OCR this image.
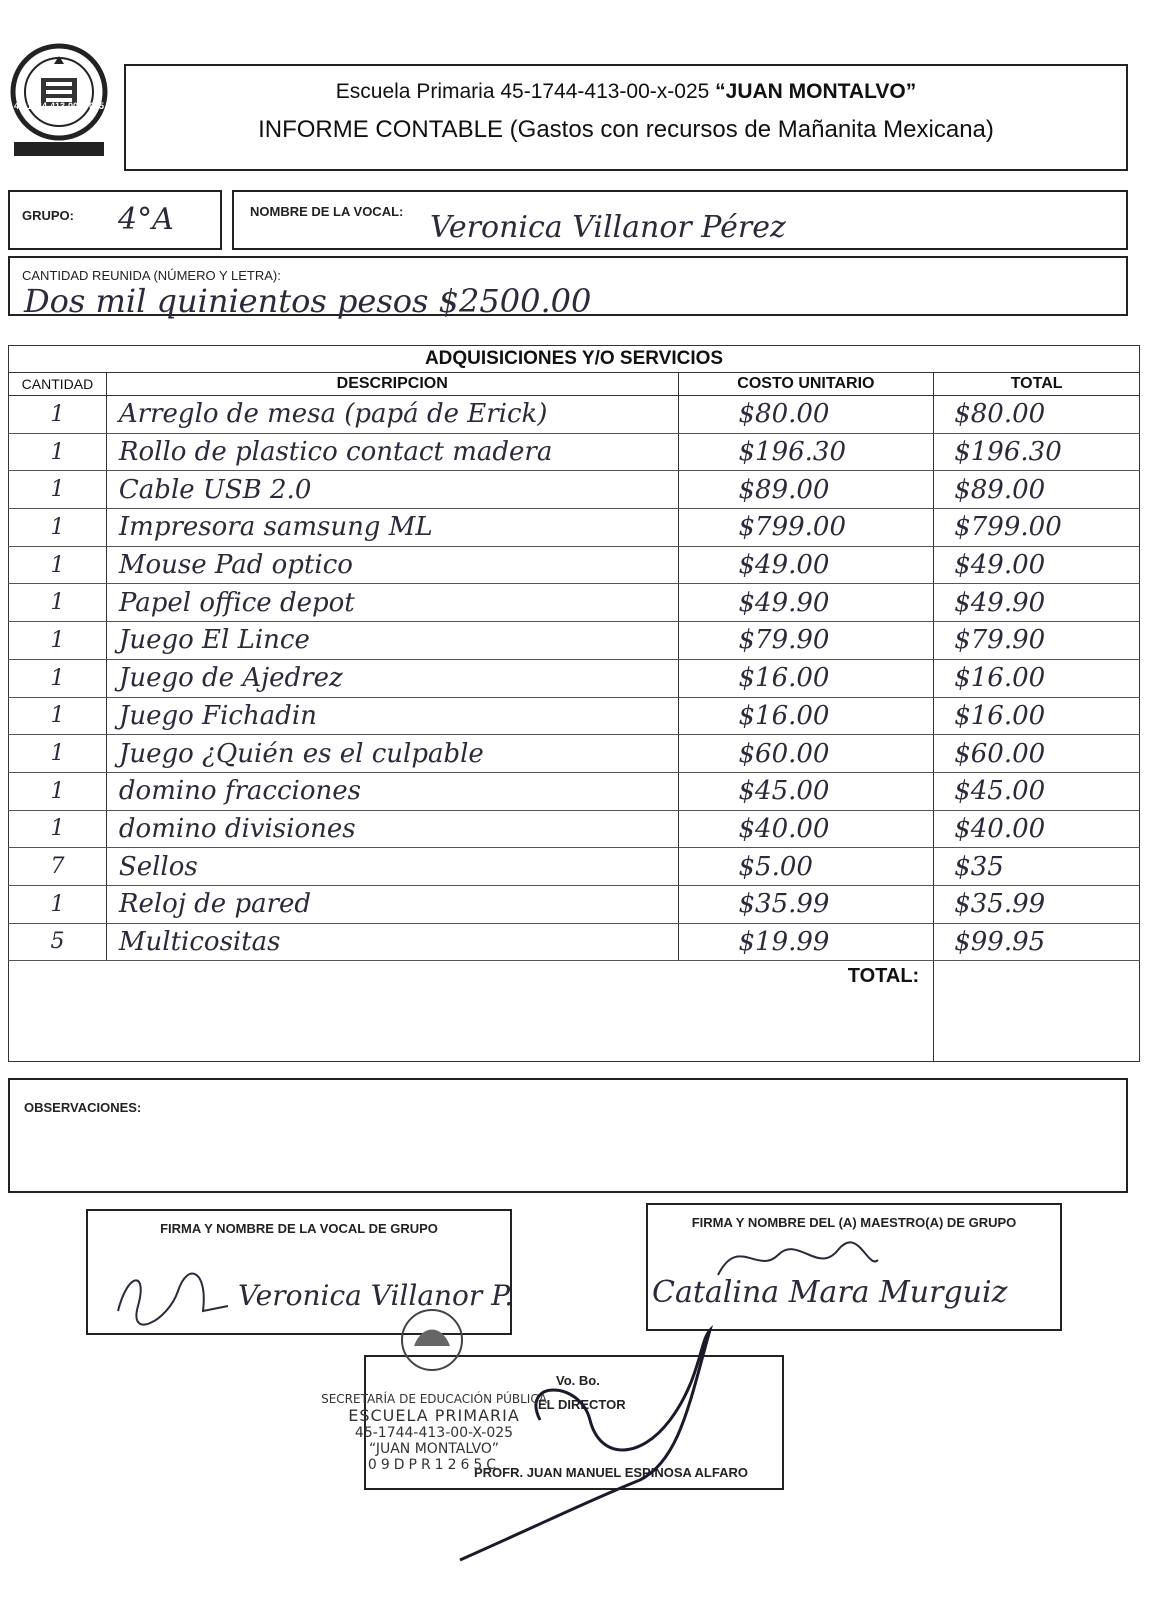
45-1744-413-00-x-025
Escuela Primaria 45-1744-413-00-x-025 “JUAN MONTALVO”
INFORME CONTABLE (Gastos con recursos de Mañanita Mexicana)
GRUPO: 4°A	NOMBRE DE LA VOCAL: Veronica Villanor Pérez
CANTIDAD REUNIDA (NÚMERO Y LETRA):
Dos mil quinientos pesos $2500.00
ADQUISICIONES Y/O SERVICIOS			
CANTIDAD	DESCRIPCION	COSTO UNITARIO	TOTAL
1	Arreglo de mesa (papá de Erick)	$80.00	$80.00
1	Rollo de plastico contact madera	$196.30	$196.30
1	Cable USB 2.0	$89.00	$89.00
1	Impresora samsung ML	$799.00	$799.00
1	Mouse Pad optico	$49.00	$49.00
1	Papel office depot	$49.90	$49.90
1	Juego El Lince	$79.90	$79.90
1	Juego de Ajedrez	$16.00	$16.00
1	Juego Fichadin	$16.00	$16.00
1	Juego ¿Quién es el culpable	$60.00	$60.00
1	domino fracciones	$45.00	$45.00
1	domino divisiones	$40.00	$40.00
7	Sellos	$5.00	$35
1	Reloj de pared	$35.99	$35.99
5	Multicositas	$19.99	$99.95
TOTAL:			
OBSERVACIONES:
FIRMA Y NOMBRE DE LA VOCAL DE GRUPO
Veronica Villanor P.
FIRMA Y NOMBRE DEL (A) MAESTRO(A) DE GRUPO
Catalina Mara Murguiz
Vo. Bo.
EL DIRECTOR
PROFR. JUAN MANUEL ESPINOSA ALFARO
SECRETARÍA DE EDUCACIÓN PÚBLICA
ESCUELA PRIMARIA
45-1744-413-00-X-025
“JUAN MONTALVO”
09DPR1265C
